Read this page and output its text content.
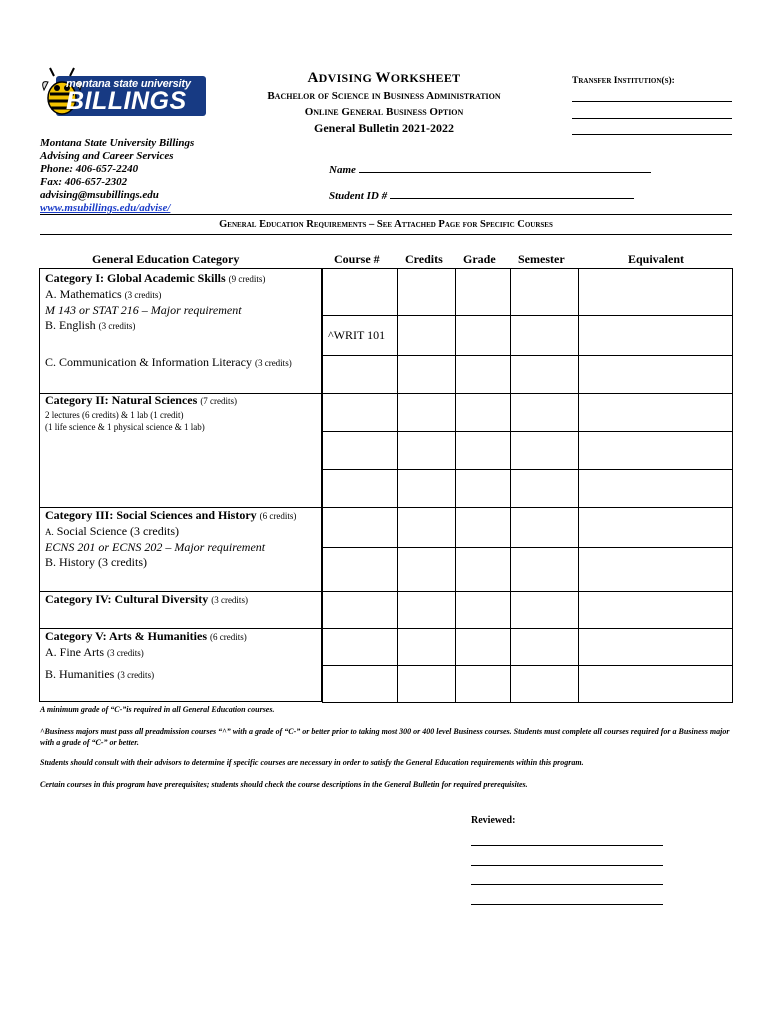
montana state university
BILLINGS
ADVISING WORKSHEET
Bachelor of Science in Business Administration
Online General Business Option
General Bulletin 2021-2022
Transfer Institution(s):
Montana State University Billings
Advising and Career Services
Phone: 406-657-2240
Fax: 406-657-2302
advising@msubillings.edu
www.msubillings.edu/advise/
Name
Student ID #
General Education Requirements – See Attached Page for Specific Courses
General Education Category	Course # Credits Grade Semester	Equivalent
Category I: Global Academic Skills (9 credits)
A. Mathematics (3 credits)
M 143 or STAT 216 – Major requirement
B. English (3 credits)
C. Communication & Information Literacy (3 credits)
Category II: Natural Sciences (7 credits)
2 lectures (6 credits) & 1 lab (1 credit)
(1 life science & 1 physical science & 1 lab)
Category III: Social Sciences and History (6 credits)
A. Social Science (3 credits)
ECNS 201 or ECNS 202 – Major requirement
B. History (3 credits)
Category IV: Cultural Diversity (3 credits)
Category V: Arts & Humanities (6 credits)
A. Fine Arts (3 credits)
B. Humanities (3 credits)
^WRIT 101
A minimum grade of “C-”is required in all General Education courses.
^Business majors must pass all preadmission courses “^” with a grade of “C-” or better prior to taking most 300 or 400 level Business courses. Students must complete all courses required for a Business major with a grade of “C-” or better.
Students should consult with their advisors to determine if specific courses are necessary in order to satisfy the General Education requirements within this program.
Certain courses in this program have prerequisites; students should check the course descriptions in the General Bulletin for required prerequisites.
Reviewed:
